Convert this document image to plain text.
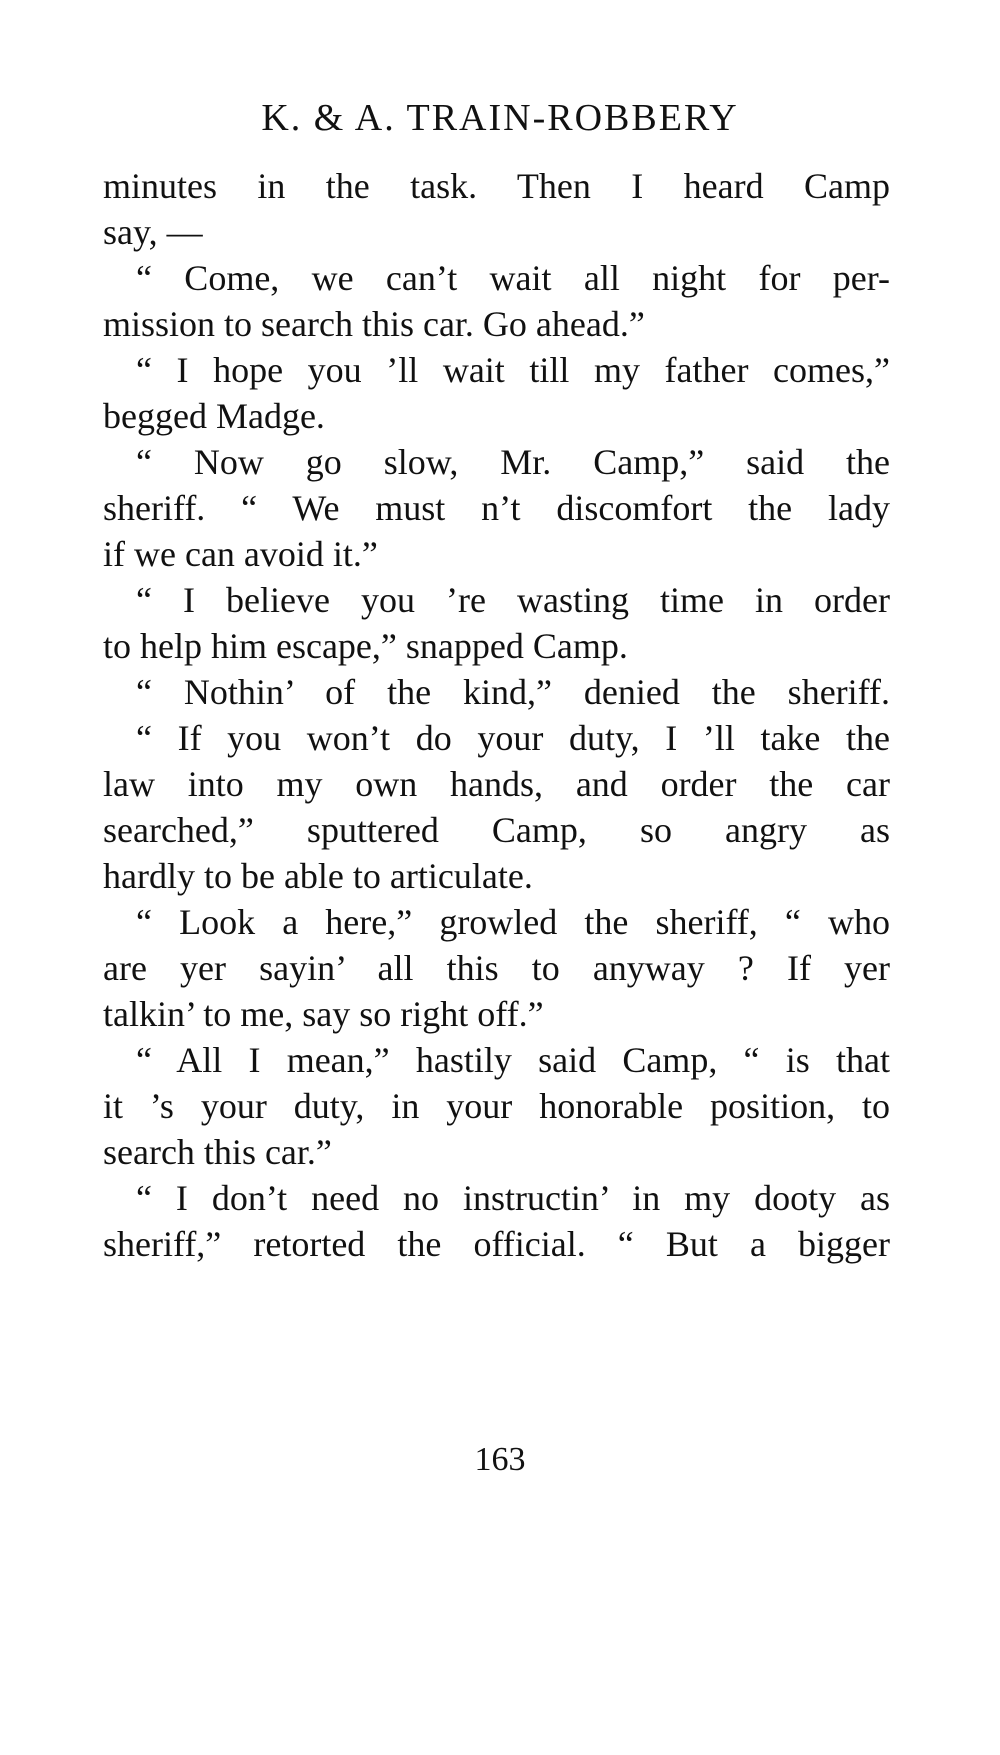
K. & A. TRAIN-ROBBERY
minutes in the task. Then I heard Camp
say, —
“ Come, we can’t wait all night for per-
mission to search this car. Go ahead.”
“ I hope you ’ll wait till my father comes,”
begged Madge.
“ Now go slow, Mr. Camp,” said the
sheriff. “ We must n’t discomfort the lady
if we can avoid it.”
“ I believe you ’re wasting time in order
to help him escape,” snapped Camp.
“ Nothin’ of the kind,” denied the sheriff.
“ If you won’t do your duty, I ’ll take the
law into my own hands, and order the car
searched,” sputtered Camp, so angry as
hardly to be able to articulate.
“ Look a here,” growled the sheriff, “ who
are yer sayin’ all this to anyway ? If yer
talkin’ to me, say so right off.”
“ All I mean,” hastily said Camp, “ is that
it ’s your duty, in your honorable position, to
search this car.”
“ I don’t need no instructin’ in my dooty as
sheriff,” retorted the official. “ But a bigger
163
